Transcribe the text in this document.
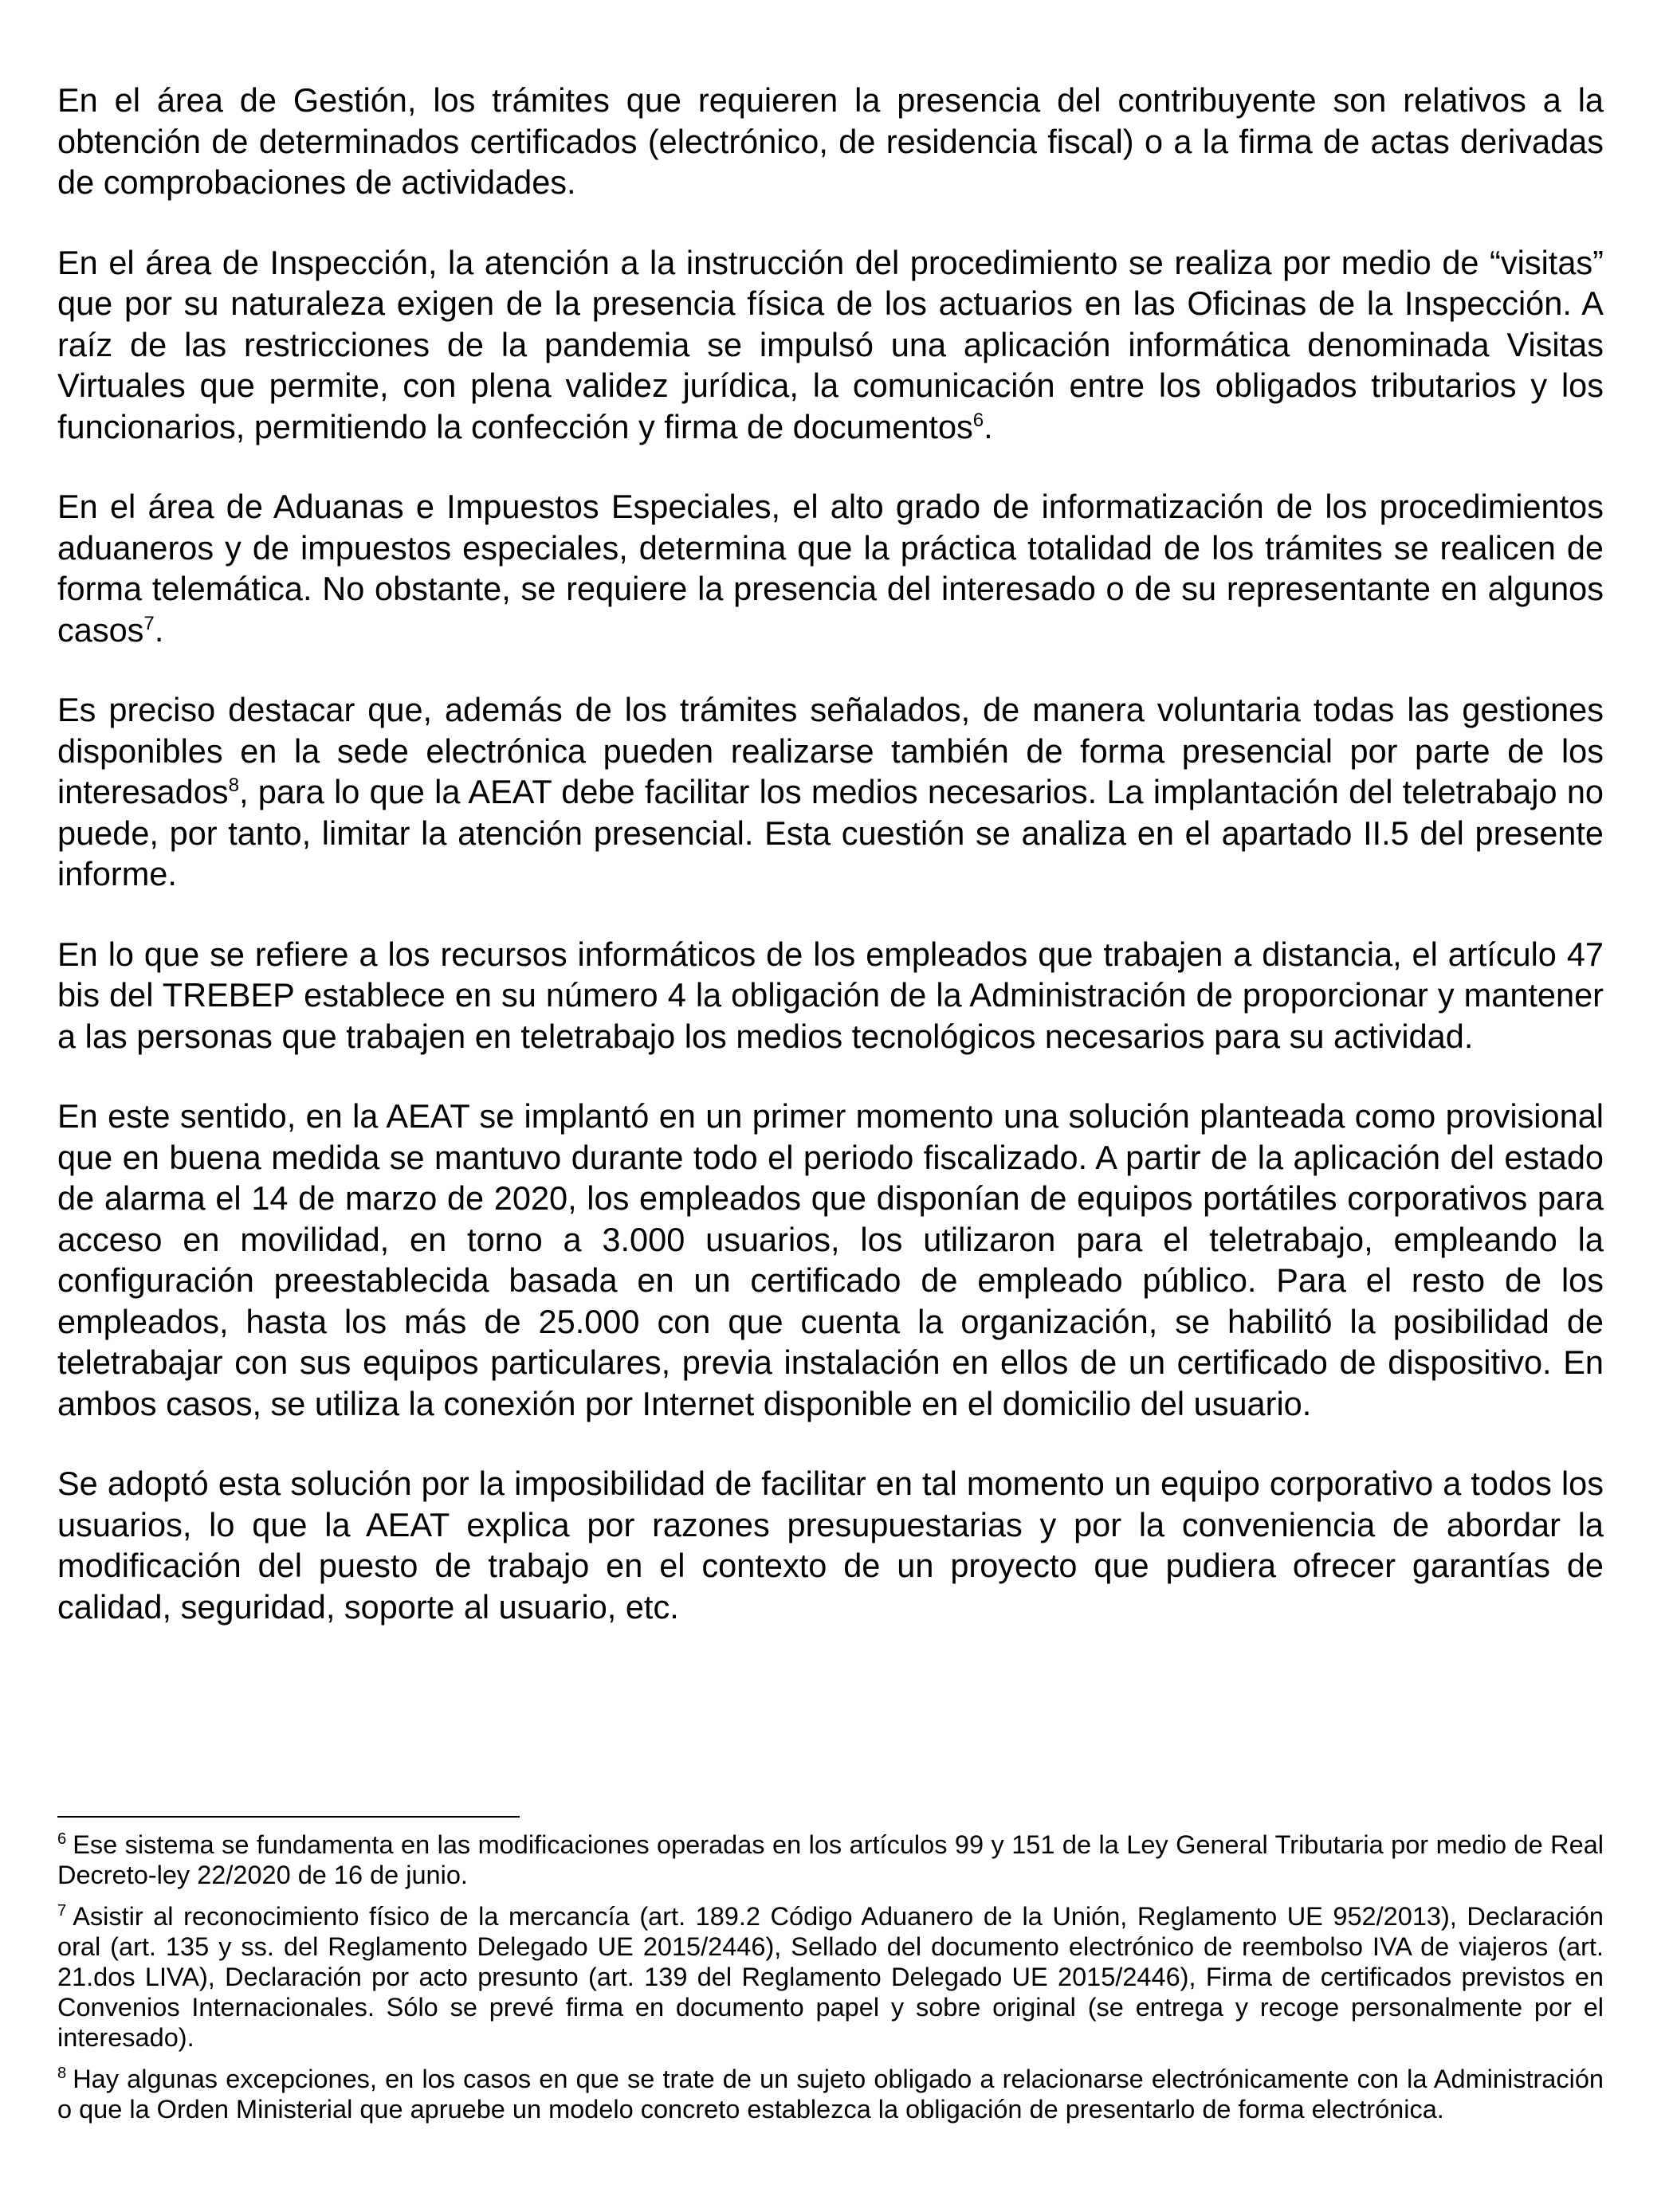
En el área de Gestión, los trámites que requieren la presencia del contribuyente son relativos a la obtención de determinados certificados (electrónico, de residencia fiscal) o a la firma de actas derivadas de comprobaciones de actividades.

En el área de Inspección, la atención a la instrucción del procedimiento se realiza por medio de “visitas” que por su naturaleza exigen de la presencia física de los actuarios en las Oficinas de la Inspección. A raíz de las restricciones de la pandemia se impulsó una aplicación informática denominada Visitas Virtuales que permite, con plena validez jurídica, la comunicación entre los obligados tributarios y los funcionarios, permitiendo la confección y firma de documentos$^6$.

En el área de Aduanas e Impuestos Especiales, el alto grado de informatización de los procedimientos aduaneros y de impuestos especiales, determina que la práctica totalidad de los trámites se realicen de forma telemática. No obstante, se requiere la presencia del interesado o de su representante en algunos casos$^7$.

Es preciso destacar que, además de los trámites señalados, de manera voluntaria todas las gestiones disponibles en la sede electrónica pueden realizarse también de forma presencial por parte de los interesados$^8$, para lo que la AEAT debe facilitar los medios necesarios. La implantación del teletrabajo no puede, por tanto, limitar la atención presencial. Esta cuestión se analiza en el apartado II.5 del presente informe.

En lo que se refiere a los recursos informáticos de los empleados que trabajen a distancia, el artículo 47 bis del TREBEP establece en su número 4 la obligación de la Administración de proporcionar y mantener a las personas que trabajen en teletrabajo los medios tecnológicos necesarios para su actividad.

En este sentido, en la AEAT se implantó en un primer momento una solución planteada como provisional que en buena medida se mantuvo durante todo el periodo fiscalizado. A partir de la aplicación del estado de alarma el 14 de marzo de 2020, los empleados que disponían de equipos portátiles corporativos para acceso en movilidad, en torno a 3.000 usuarios, los utilizaron para el teletrabajo, empleando la configuración preestablecida basada en un certificado de empleado público. Para el resto de los empleados, hasta los más de 25.000 con que cuenta la organización, se habilitó la posibilidad de teletrabajar con sus equipos particulares, previa instalación en ellos de un certificado de dispositivo. En ambos casos, se utiliza la conexión por Internet disponible en el domicilio del usuario.

Se adoptó esta solución por la imposibilidad de facilitar en tal momento un equipo corporativo a todos los usuarios, lo que la AEAT explica por razones presupuestarias y por la conveniencia de abordar la modificación del puesto de trabajo en el contexto de un proyecto que pudiera ofrecer garantías de calidad, seguridad, soporte al usuario, etc.

$^6$ Ese sistema se fundamenta en las modificaciones operadas en los artículos 99 y 151 de la Ley General Tributaria por medio de Real Decreto-ley 22/2020 de 16 de junio.

$^7$ Asistir al reconocimiento físico de la mercancía (art. 189.2 Código Aduanero de la Unión, Reglamento UE 952/2013), Declaración oral (art. 135 y ss. del Reglamento Delegado UE 2015/2446), Sellado del documento electrónico de reembolso IVA de viajeros (art. 21.dos LIVA), Declaración por acto presunto (art. 139 del Reglamento Delegado UE 2015/2446), Firma de certificados previstos en Convenios Internacionales. Sólo se prevé firma en documento papel y sobre original (se entrega y recoge personalmente por el interesado).

$^8$ Hay algunas excepciones, en los casos en que se trate de un sujeto obligado a relacionarse electrónicamente con la Administración o que la Orden Ministerial que apruebe un modelo concreto establezca la obligación de presentarlo de forma electrónica.
